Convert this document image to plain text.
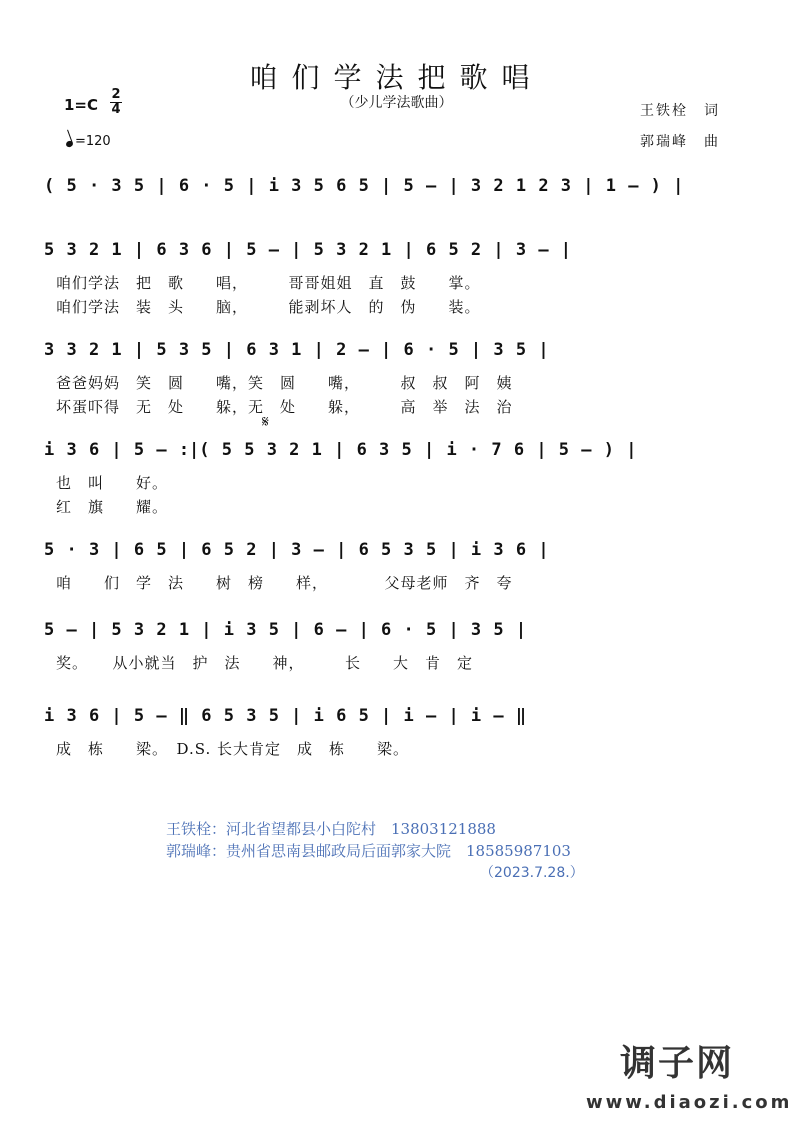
咱们学法把歌唱
（少儿学法歌曲）	王铁栓　词
郭瑞峰　曲
1=C
2
4
=120
( 5 · 3 5 | 6 · 5 | i 3 5 6 5 | 5 – | 3 2 1 2 3 | 1 – ) |
5 3 2 1 | 6 3 6 | 5 – | 5 3 2 1 | 6 5 2 | 3 – |
咱们学法　把　歌　　唱，　　　哥哥姐姐　直　鼓　　掌。
咱们学法　装　头　　脑，　　　能剥坏人　的　伪　　装。
3 3 2 1 | 5 3 5 | 6 3 1 | 2 – | 6 · 5 | 3 5 |
爸爸妈妈　笑　圆　　嘴，笑　圆　　嘴，　　　叔　叔　阿　姨
坏蛋吓得　无　处　　躲，无　处　　躲，　　　高　举　法　治
𝄋
i 3 6 | 5 – :|( 5 5 3 2 1 | 6 3 5 | i · 7 6 | 5 – ) |
也　叫　　好。
红　旗　　耀。
5 · 3 | 6 5 | 6 5 2 | 3 – | 6 5 3 5 | i 3 6 |
咱　　们　学　法　　树　榜　　样，　　　　父母老师　齐　夸
5 – | 5 3 2 1 | i 3 5 | 6 – | 6 · 5 | 3 5 |
奖。　　从小就当　护　法　　神，　　　长　　大　肯　定
i 3 6 | 5 – ‖ 6 5 3 5 | i 6 5 | i – | i – ‖
成　栋　　梁。　D.S. 长大肯定　成　栋　　梁。
王铁栓：河北省望都县小白陀村　13803121888
郭瑞峰：贵州省思南县邮政局后面郭家大院　18585987103
（2023.7.28.）
调子网
www.diaozi.com
